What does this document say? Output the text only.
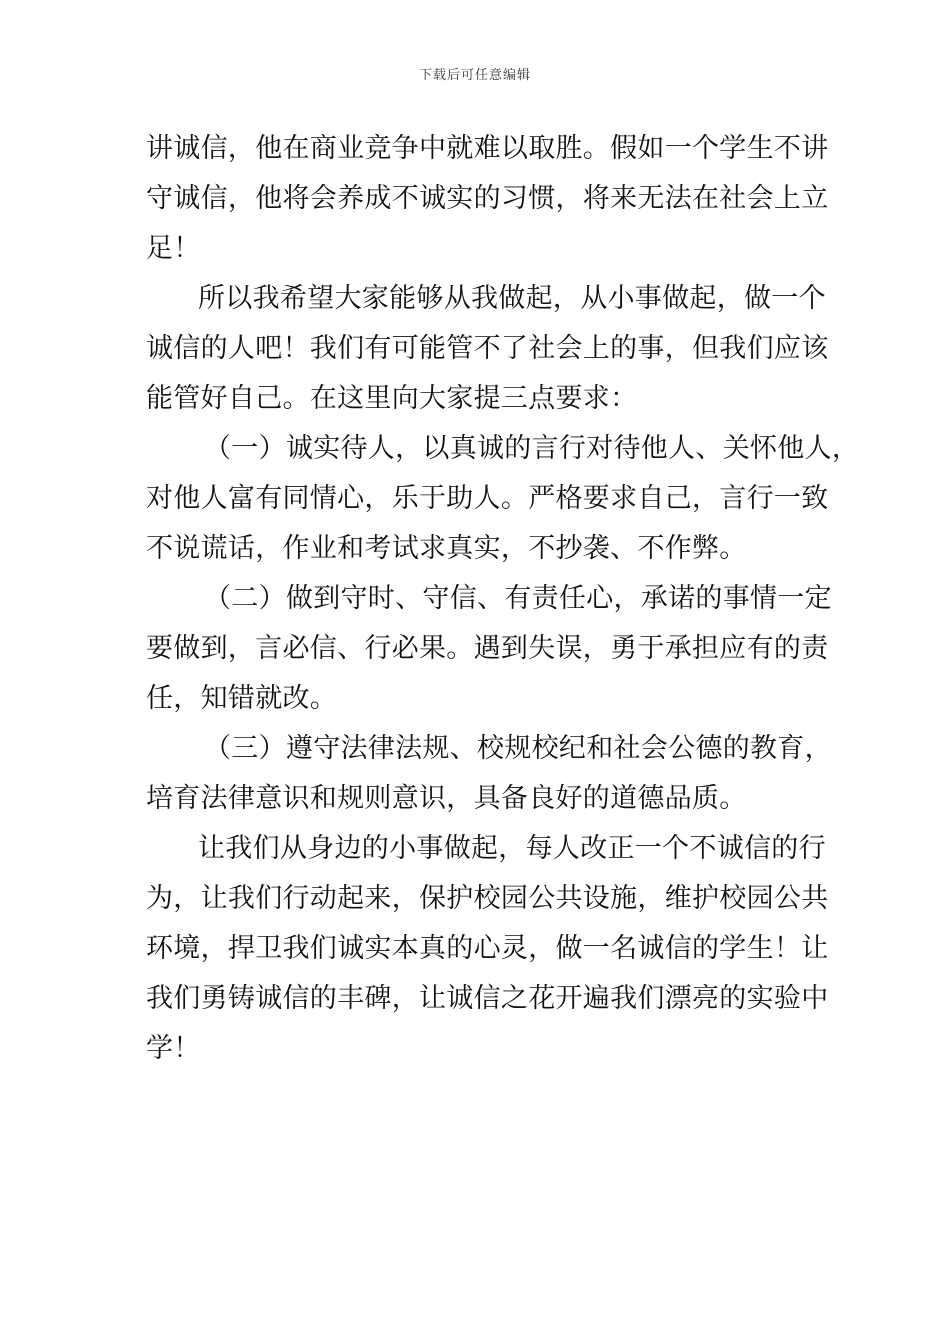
下载后可任意编辑
讲诚信，他在商业竞争中就难以取胜。假如一个学生不讲
守诚信，他将会养成不诚实的习惯，将来无法在社会上立
足！
所以我希望大家能够从我做起，从小事做起，做一个
诚信的人吧！我们有可能管不了社会上的事，但我们应该
能管好自己。在这里向大家提三点要求：
（一）诚实待人，以真诚的言行对待他人、关怀他人，
对他人富有同情心，乐于助人。严格要求自己，言行一致
不说谎话，作业和考试求真实，不抄袭、不作弊。
（二）做到守时、守信、有责任心，承诺的事情一定
要做到，言必信、行必果。遇到失误，勇于承担应有的责
任，知错就改。
（三）遵守法律法规、校规校纪和社会公德的教育，
培育法律意识和规则意识，具备良好的道德品质。
让我们从身边的小事做起，每人改正一个不诚信的行
为，让我们行动起来，保护校园公共设施，维护校园公共
环境，捍卫我们诚实本真的心灵，做一名诚信的学生！让
我们勇铸诚信的丰碑，让诚信之花开遍我们漂亮的实验中
学！
